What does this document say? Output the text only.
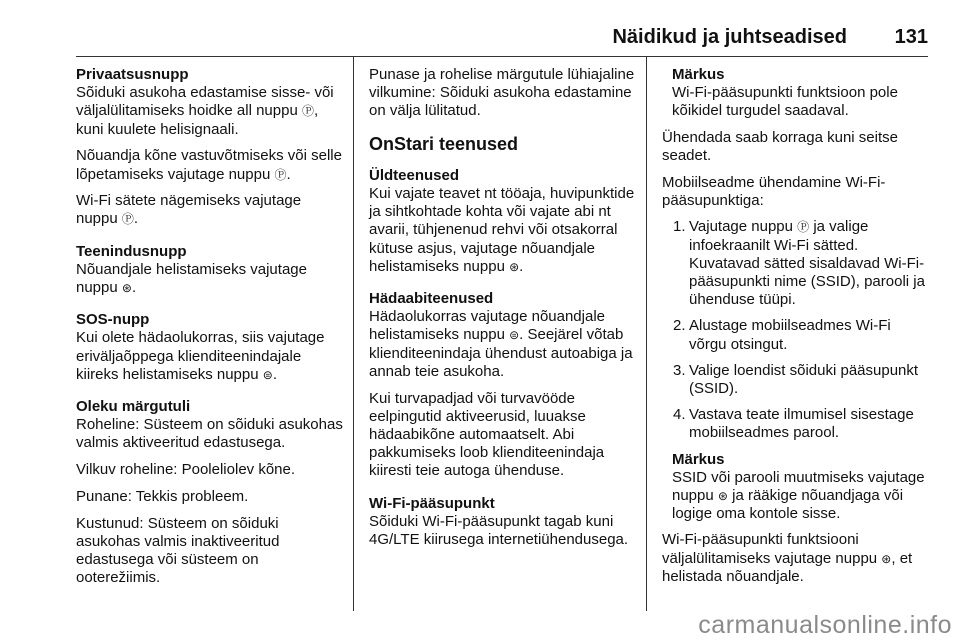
Näidikud ja juhtseadised	131

Privaatsusnupp

Sõiduki asukoha edastamise sisse- või väljalülitamiseks hoidke all nuppu Ⓟ, kuni kuulete helisignaali.

Nõuandja kõne vastuvõtmiseks või selle lõpetamiseks vajutage nuppu Ⓟ.

Wi-Fi sätete nägemiseks vajutage nuppu Ⓟ.

Teenindusnupp

Nõuandjale helistamiseks vajutage nuppu ⊛.

SOS-nupp

Kui olete hädaolukorras, siis vajutage eriväljaõppega klienditeenindajale kiireks helistamiseks nuppu ⊜.

Oleku märgutuli

Roheline: Süsteem on sõiduki asukohas valmis aktiveeritud edastusega.

Vilkuv roheline: Pooleliolev kõne.

Punane: Tekkis probleem.

Kustunud: Süsteem on sõiduki asukohas valmis inaktiveeritud edastusega või süsteem on ooterežiimis.

Punase ja rohelise märgutule lühiajaline vilkumine: Sõiduki asukoha edastamine on välja lülitatud.

OnStari teenused

Üldteenused

Kui vajate teavet nt tööaja, huvipunktide ja sihtkohtade kohta või vajate abi nt avarii, tühjenenud rehvi või otsakorral kütuse asjus, vajutage nõuandjale helistamiseks nuppu ⊛.

Hädaabiteenused

Hädaolukorras vajutage nõuandjale helistamiseks nuppu ⊜. Seejärel võtab klienditeenindaja ühendust autoabiga ja annab teie asukoha.

Kui turvapadjad või turvavööde eelpingutid aktiveerusid, luuakse hädaabikõne automaatselt. Abi pakkumiseks loob klienditeenindaja kiiresti teie autoga ühenduse.

Wi-Fi-pääsupunkt

Sõiduki Wi-Fi-pääsupunkt tagab kuni 4G/LTE kiirusega internetiühendusega.

Märkus
Wi-Fi-pääsupunkti funktsioon pole kõikidel turgudel saadaval.

Ühendada saab korraga kuni seitse seadet.

Mobiilseadme ühendamine Wi-Fi-pääsupunktiga:

1. Vajutage nuppu Ⓟ ja valige infoekraanilt Wi-Fi sätted. Kuvatavad sätted sisaldavad Wi-Fi-pääsupunkti nime (SSID), parooli ja ühenduse tüüpi.
2. Alustage mobiilseadmes Wi-Fi võrgu otsingut.
3. Valige loendist sõiduki pääsupunkt (SSID).
4. Vastava teate ilmumisel sisestage mobiilseadmes parool.
Märkus
SSID või parooli muutmiseks vajutage nuppu ⊛ ja rääkige nõuandjaga või logige oma kontole sisse.

Wi-Fi-pääsupunkti funktsiooni väljalülitamiseks vajutage nuppu ⊛, et helistada nõuandjale.

carmanualsonline.info
